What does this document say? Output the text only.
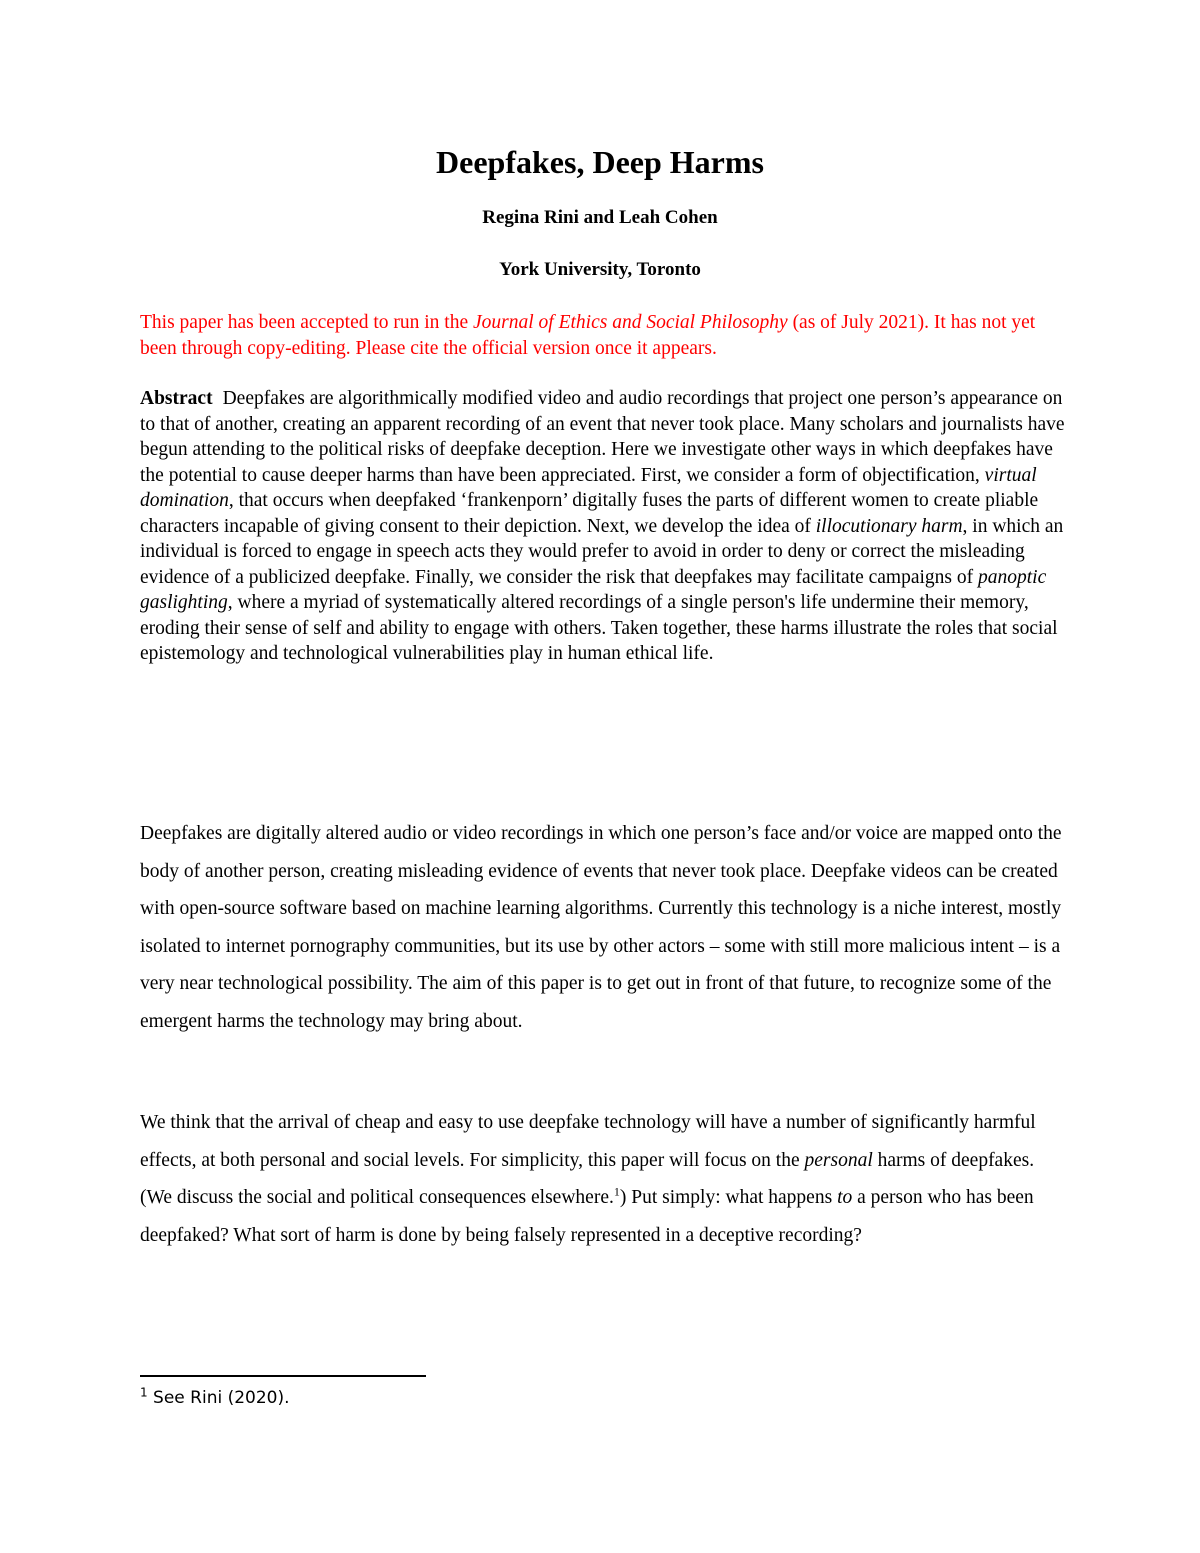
Deepfakes, Deep Harms
Regina Rini and Leah Cohen
York University, Toronto
This paper has been accepted to run in the Journal of Ethics and Social Philosophy (as of July 2021). It has not yet been through copy-editing. Please cite the official version once it appears.
Abstract Deepfakes are algorithmically modified video and audio recordings that project one person’s appearance on to that of another, creating an apparent recording of an event that never took place. Many scholars and journalists have begun attending to the political risks of deepfake deception. Here we investigate other ways in which deepfakes have the potential to cause deeper harms than have been appreciated. First, we consider a form of objectification, virtual domination, that occurs when deepfaked ‘frankenporn’ digitally fuses the parts of different women to create pliable characters incapable of giving consent to their depiction. Next, we develop the idea of illocutionary harm, in which an individual is forced to engage in speech acts they would prefer to avoid in order to deny or correct the misleading evidence of a publicized deepfake. Finally, we consider the risk that deepfakes may facilitate campaigns of panoptic gaslighting, where a myriad of systematically altered recordings of a single person's life undermine their memory, eroding their sense of self and ability to engage with others. Taken together, these harms illustrate the roles that social epistemology and technological vulnerabilities play in human ethical life.
Deepfakes are digitally altered audio or video recordings in which one person’s face and/or voice are mapped onto the body of another person, creating misleading evidence of events that never took place. Deepfake videos can be created with open-source software based on machine learning algorithms. Currently this technology is a niche interest, mostly isolated to internet pornography communities, but its use by other actors – some with still more malicious intent – is a very near technological possibility. The aim of this paper is to get out in front of that future, to recognize some of the emergent harms the technology may bring about.
We think that the arrival of cheap and easy to use deepfake technology will have a number of significantly harmful effects, at both personal and social levels. For simplicity, this paper will focus on the personal harms of deepfakes. (We discuss the social and political consequences elsewhere.$^1$) Put simply: what happens to a person who has been deepfaked? What sort of harm is done by being falsely represented in a deceptive recording?
$^1$ See Rini (2020).
